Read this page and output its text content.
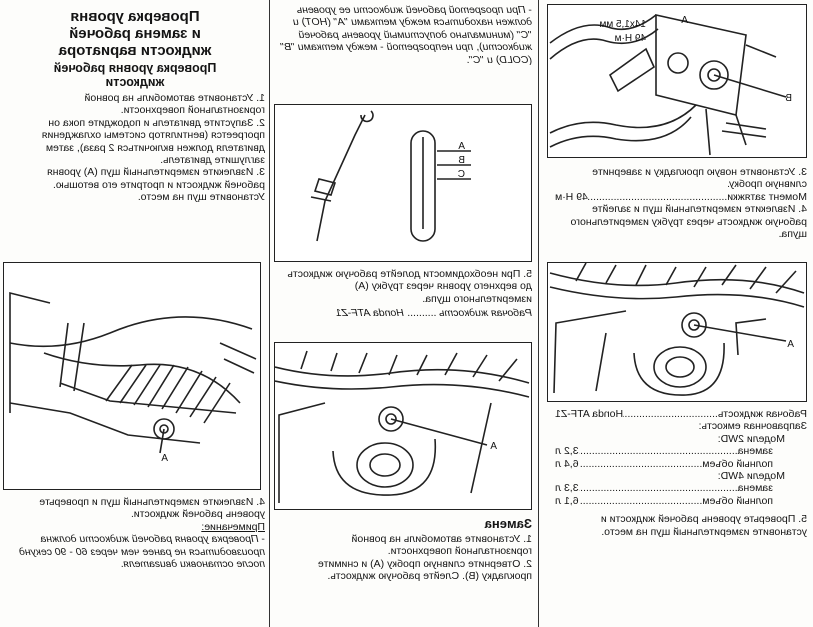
A
14x1,5 мм
49 Н·м
B

3. Установите новую прокладку и заверните сливную пробку.

Момент затяжки
.....
49 Н·м

4. Извлеките измерительный щуп и залейте рабочую жидкость через трубку измерительного щупа.

A
Рабочая жидкость
.....
Honda ATF-Z1

Заправочная емкость:

Модели 2WD:

замена
.....
3,2 л
полный объем
.....
6,4 л

Модели 4WD:

замена
.....
3,3 л
полный объем
.....
6,1 л

5. Проверьте уровень рабочей жидкости и установите измерительный щуп на место.

- При прогретой рабочей жидкости ее уровень должен находиться между метками "A" (HOT) и "C" (минимально допустимый уровень рабочей жидкости), при непрогретой - между метками "B" (COLD) и "C".
A
B
C

5. При необходимости долейте рабочую жидкость до верхнего уровня через трубку (A) измерительного щупа.

Рабочая жидкость .......... Honda ATF-Z1

A

Замена

1. Установите автомобиль на ровной горизонтальной поверхности.

2. Отверните сливную пробку (A) и снимите прокладку (B). Слейте рабочую жидкость.

Проверка уровня

и замена рабочей

жидкости вариатора

Проверка уровня рабочей

жидкости

1. Установите автомобиль на ровной горизонтальной поверхности.

2. Запустите двигатель и подождите пока он прогреется (вентилятор системы охлаждения двигателя должен включиться 2 раза), затем заглушите двигатель.

3. Извлеките измерительный щуп (A) уровня рабочей жидкости и протрите его ветошью. Установите щуп на место.

A

4. Извлеките измерительный щуп и проверьте уровень рабочей жидкости.

Примечание:

- Проверка уровня рабочей жидкости должна производиться не ранее чем через 60 - 90 секунд после остановки двигателя.
